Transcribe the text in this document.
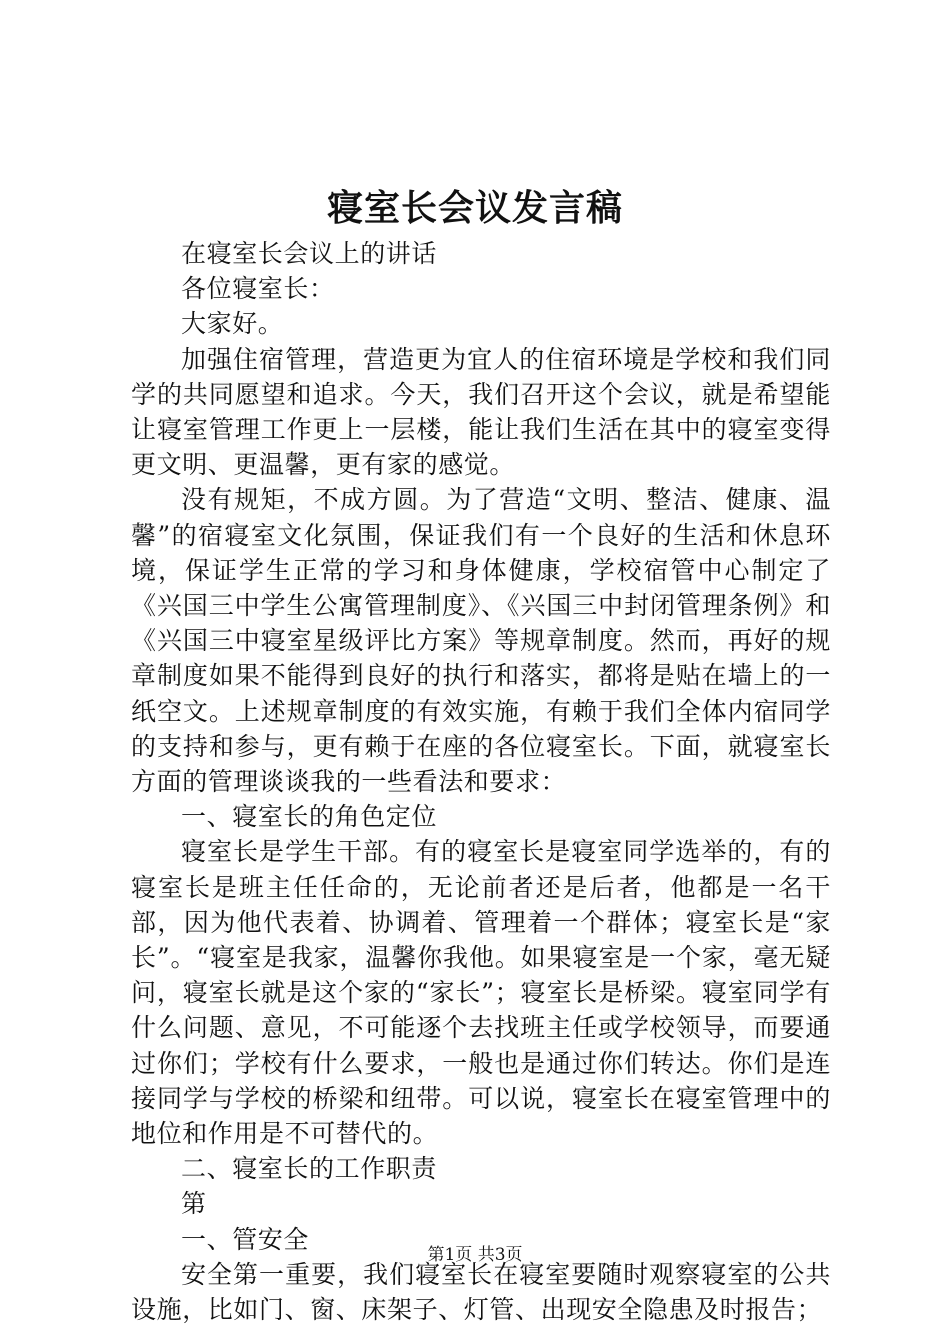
寝室长会议发言稿

在寝室长会议上的讲话

各位寝室长：

大家好。

加强住宿管理，营造更为宜人的住宿环境是学校和我们同学的共同愿望和追求。今天，我们召开这个会议，就是希望能让寝室管理工作更上一层楼，能让我们生活在其中的寝室变得更文明、更温馨，更有家的感觉。

没有规矩，不成方圆。为了营造“文明、整洁、健康、温馨”的宿寝室文化氛围，保证我们有一个良好的生活和休息环境，保证学生正常的学习和身体健康，学校宿管中心制定了《兴国三中学生公寓管理制度》、《兴国三中封闭管理条例》和《兴国三中寝室星级评比方案》等规章制度。然而，再好的规章制度如果不能得到良好的执行和落实，都将是贴在墙上的一纸空文。上述规章制度的有效实施，有赖于我们全体内宿同学的支持和参与，更有赖于在座的各位寝室长。下面，就寝室长方面的管理谈谈我的一些看法和要求：

一、寝室长的角色定位

寝室长是学生干部。有的寝室长是寝室同学选举的，有的寝室长是班主任任命的，无论前者还是后者，他都是一名干部，因为他代表着、协调着、管理着一个群体；寝室长是“家长”。“寝室是我家，温馨你我他。如果寝室是一个家，毫无疑问，寝室长就是这个家的“家长”；寝室长是桥梁。寝室同学有什么问题、意见，不可能逐个去找班主任或学校领导，而要通过你们；学校有什么要求，一般也是通过你们转达。你们是连接同学与学校的桥梁和纽带。可以说，寝室长在寝室管理中的地位和作用是不可替代的。

二、寝室长的工作职责

第

一、管安全

安全第一重要，我们寝室长在寝室要随时观察寝室的公共设施，比如门、窗、床架子、灯管、出现安全隐患及时报告；

第1页 共3页
